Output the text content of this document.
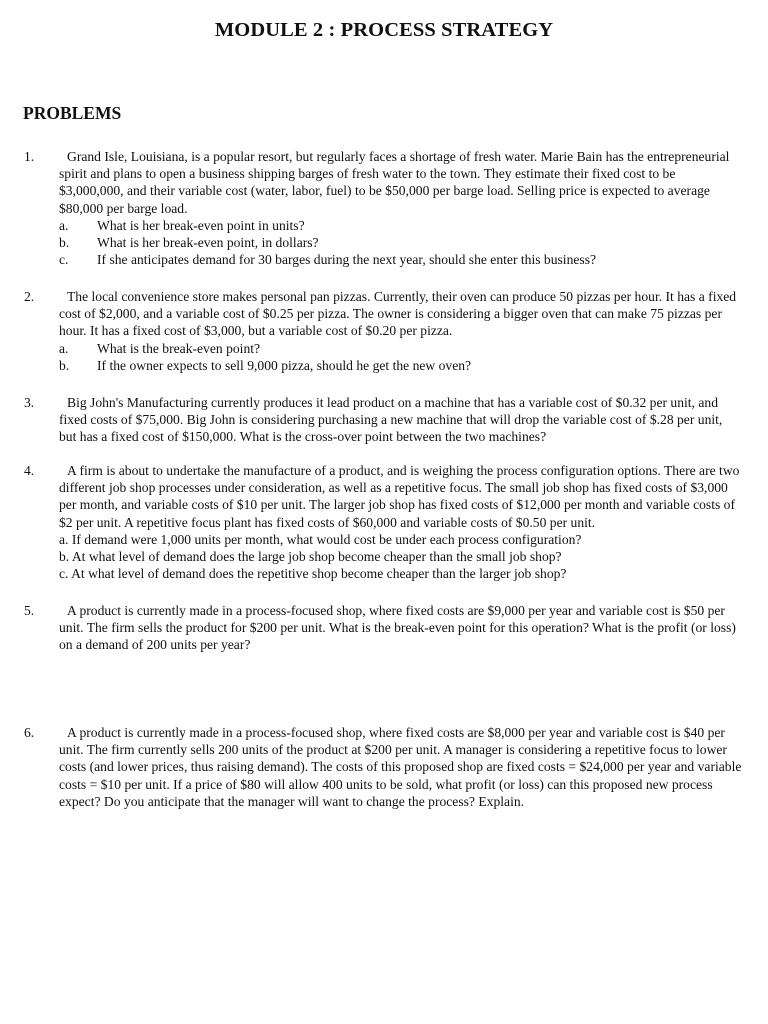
MODULE 2 : PROCESS STRATEGY
PROBLEMS
1.	Grand Isle, Louisiana, is a popular resort, but regularly faces a shortage of fresh water. Marie Bain has the entrepreneurial spirit and plans to open a business shipping barges of fresh water to the town. They estimate their fixed cost to be $3,000,000, and their variable cost (water, labor, fuel) to be $50,000 per barge load. Selling price is expected to average $80,000 per barge load.

a. What is her break-even point in units?
b. What is her break-even point, in dollars?
c. If she anticipates demand for 30 barges during the next year, should she enter this business?
2.	The local convenience store makes personal pan pizzas. Currently, their oven can produce 50 pizzas per hour. It has a fixed cost of $2,000, and a variable cost of $0.25 per pizza. The owner is considering a bigger oven that can make 75 pizzas per hour. It has a fixed cost of $3,000, but a variable cost of $0.20 per pizza.

a. What is the break-even point?
b. If the owner expects to sell 9,000 pizza, should he get the new oven?
3.	Big John's Manufacturing currently produces it lead product on a machine that has a variable cost of $0.32 per unit, and fixed costs of $75,000. Big John is considering purchasing a new machine that will drop the variable cost of $.28 per unit, but has a fixed cost of $150,000. What is the cross-over point between the two machines?

4.	A firm is about to undertake the manufacture of a product, and is weighing the process configuration options. There are two different job shop processes under consideration, as well as a repetitive focus. The small job shop has fixed costs of $3,000 per month, and variable costs of $10 per unit. The larger job shop has fixed costs of $12,000 per month and variable costs of $2 per unit. A repetitive focus plant has fixed costs of $60,000 and variable costs of $0.50 per unit.

a. If demand were 1,000 units per month, what would cost be under each process configuration?

b. At what level of demand does the large job shop become cheaper than the small job shop?

c. At what level of demand does the repetitive shop become cheaper than the larger job shop?

5.	A product is currently made in a process-focused shop, where fixed costs are $9,000 per year and variable cost is $50 per unit. The firm sells the product for $200 per unit. What is the break-even point for this operation? What is the profit (or loss) on a demand of 200 units per year?

6.	A product is currently made in a process-focused shop, where fixed costs are $8,000 per year and variable cost is $40 per unit. The firm currently sells 200 units of the product at $200 per unit. A manager is considering a repetitive focus to lower costs (and lower prices, thus raising demand). The costs of this proposed shop are fixed costs = $24,000 per year and variable costs = $10 per unit. If a price of $80 will allow 400 units to be sold, what profit (or loss) can this proposed new process expect? Do you anticipate that the manager will want to change the process? Explain.
